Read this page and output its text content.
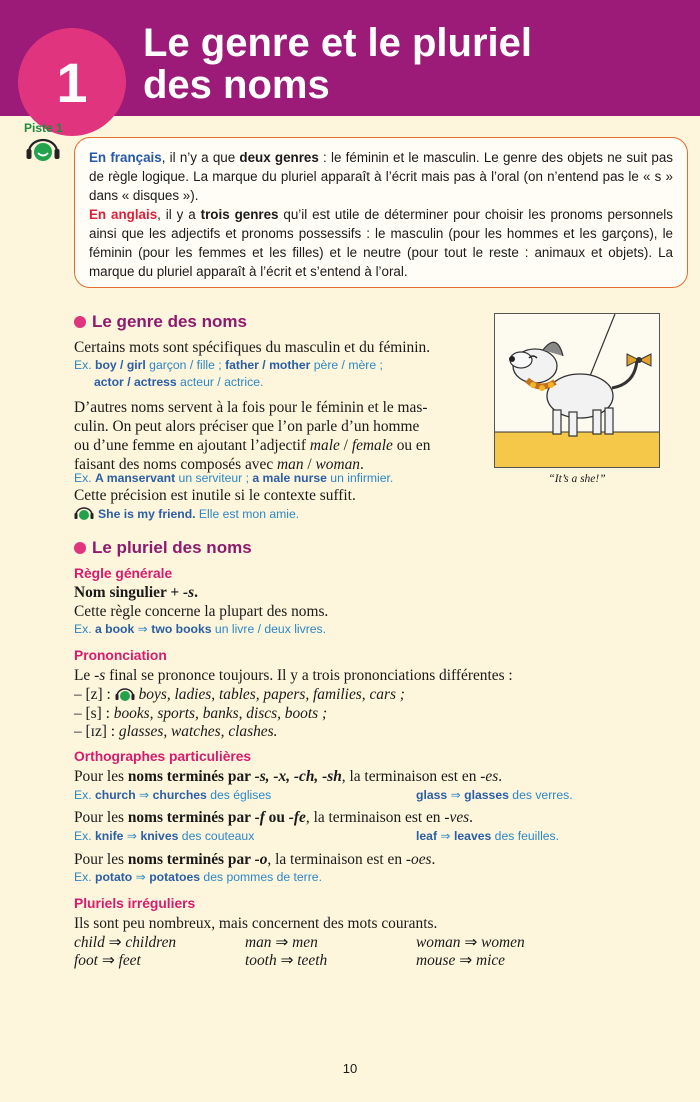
Le genre et le pluriel
des noms
1
Piste 1

En français, il n’y a que deux genres : le féminin et le masculin. Le genre des objets ne suit pas de règle logique. La marque du pluriel apparaît à l’écrit mais pas à l’oral (on n’entend pas le « s » dans « disques »).

En anglais, il y a trois genres qu’il est utile de déterminer pour choisir les pronoms personnels ainsi que les adjectifs et pronoms possessifs : le masculin (pour les hommes et les garçons), le féminin (pour les femmes et les filles) et le neutre (pour tout le reste : animaux et objets). La marque du pluriel apparaît à l’écrit et s’entend à l’oral.

Le genre des noms
Certains mots sont spécifiques du masculin et du féminin.
Ex. boy / girl garçon / fille ; father / mother père / mère ;
actor / actress acteur / actrice.
D’autres noms servent à la fois pour le féminin et le mas-
culin. On peut alors préciser que l’on parle d’un homme
ou d’une femme en ajoutant l’adjectif male / female ou en
faisant des noms composés avec man / woman.
Ex. A manservant un serviteur ; a male nurse un infirmier.
Cette précision est inutile si le contexte suffit.
She is my friend. Elle est mon amie.
“It’s a she!”
Le pluriel des noms
Règle générale
Nom singulier + -s.
Cette règle concerne la plupart des noms.
Ex. a book ⇒ two books un livre / deux livres.
Prononciation
Le -s final se prononce toujours. Il y a trois prononciations différentes :
– [z] : boys, ladies, tables, papers, families, cars ;
– [s] : books, sports, banks, discs, boots ;
– [ɪz] : glasses, watches, clashes.
Orthographes particulières
Pour les noms terminés par -s, -x, -ch, -sh, la terminaison est en -es.
Ex. church ⇒ churches des églises	glass ⇒ glasses des verres.
Pour les noms terminés par -f ou -fe, la terminaison est en -ves.
Ex. knife ⇒ knives des couteaux	leaf ⇒ leaves des feuilles.
Pour les noms terminés par -o, la terminaison est en -oes.
Ex. potato ⇒ potatoes des pommes de terre.
Pluriels irréguliers
Ils sont peu nombreux, mais concernent des mots courants.
child ⇒ children	man ⇒ men	woman ⇒ women
foot ⇒ feet	tooth ⇒ teeth	mouse ⇒ mice
10
